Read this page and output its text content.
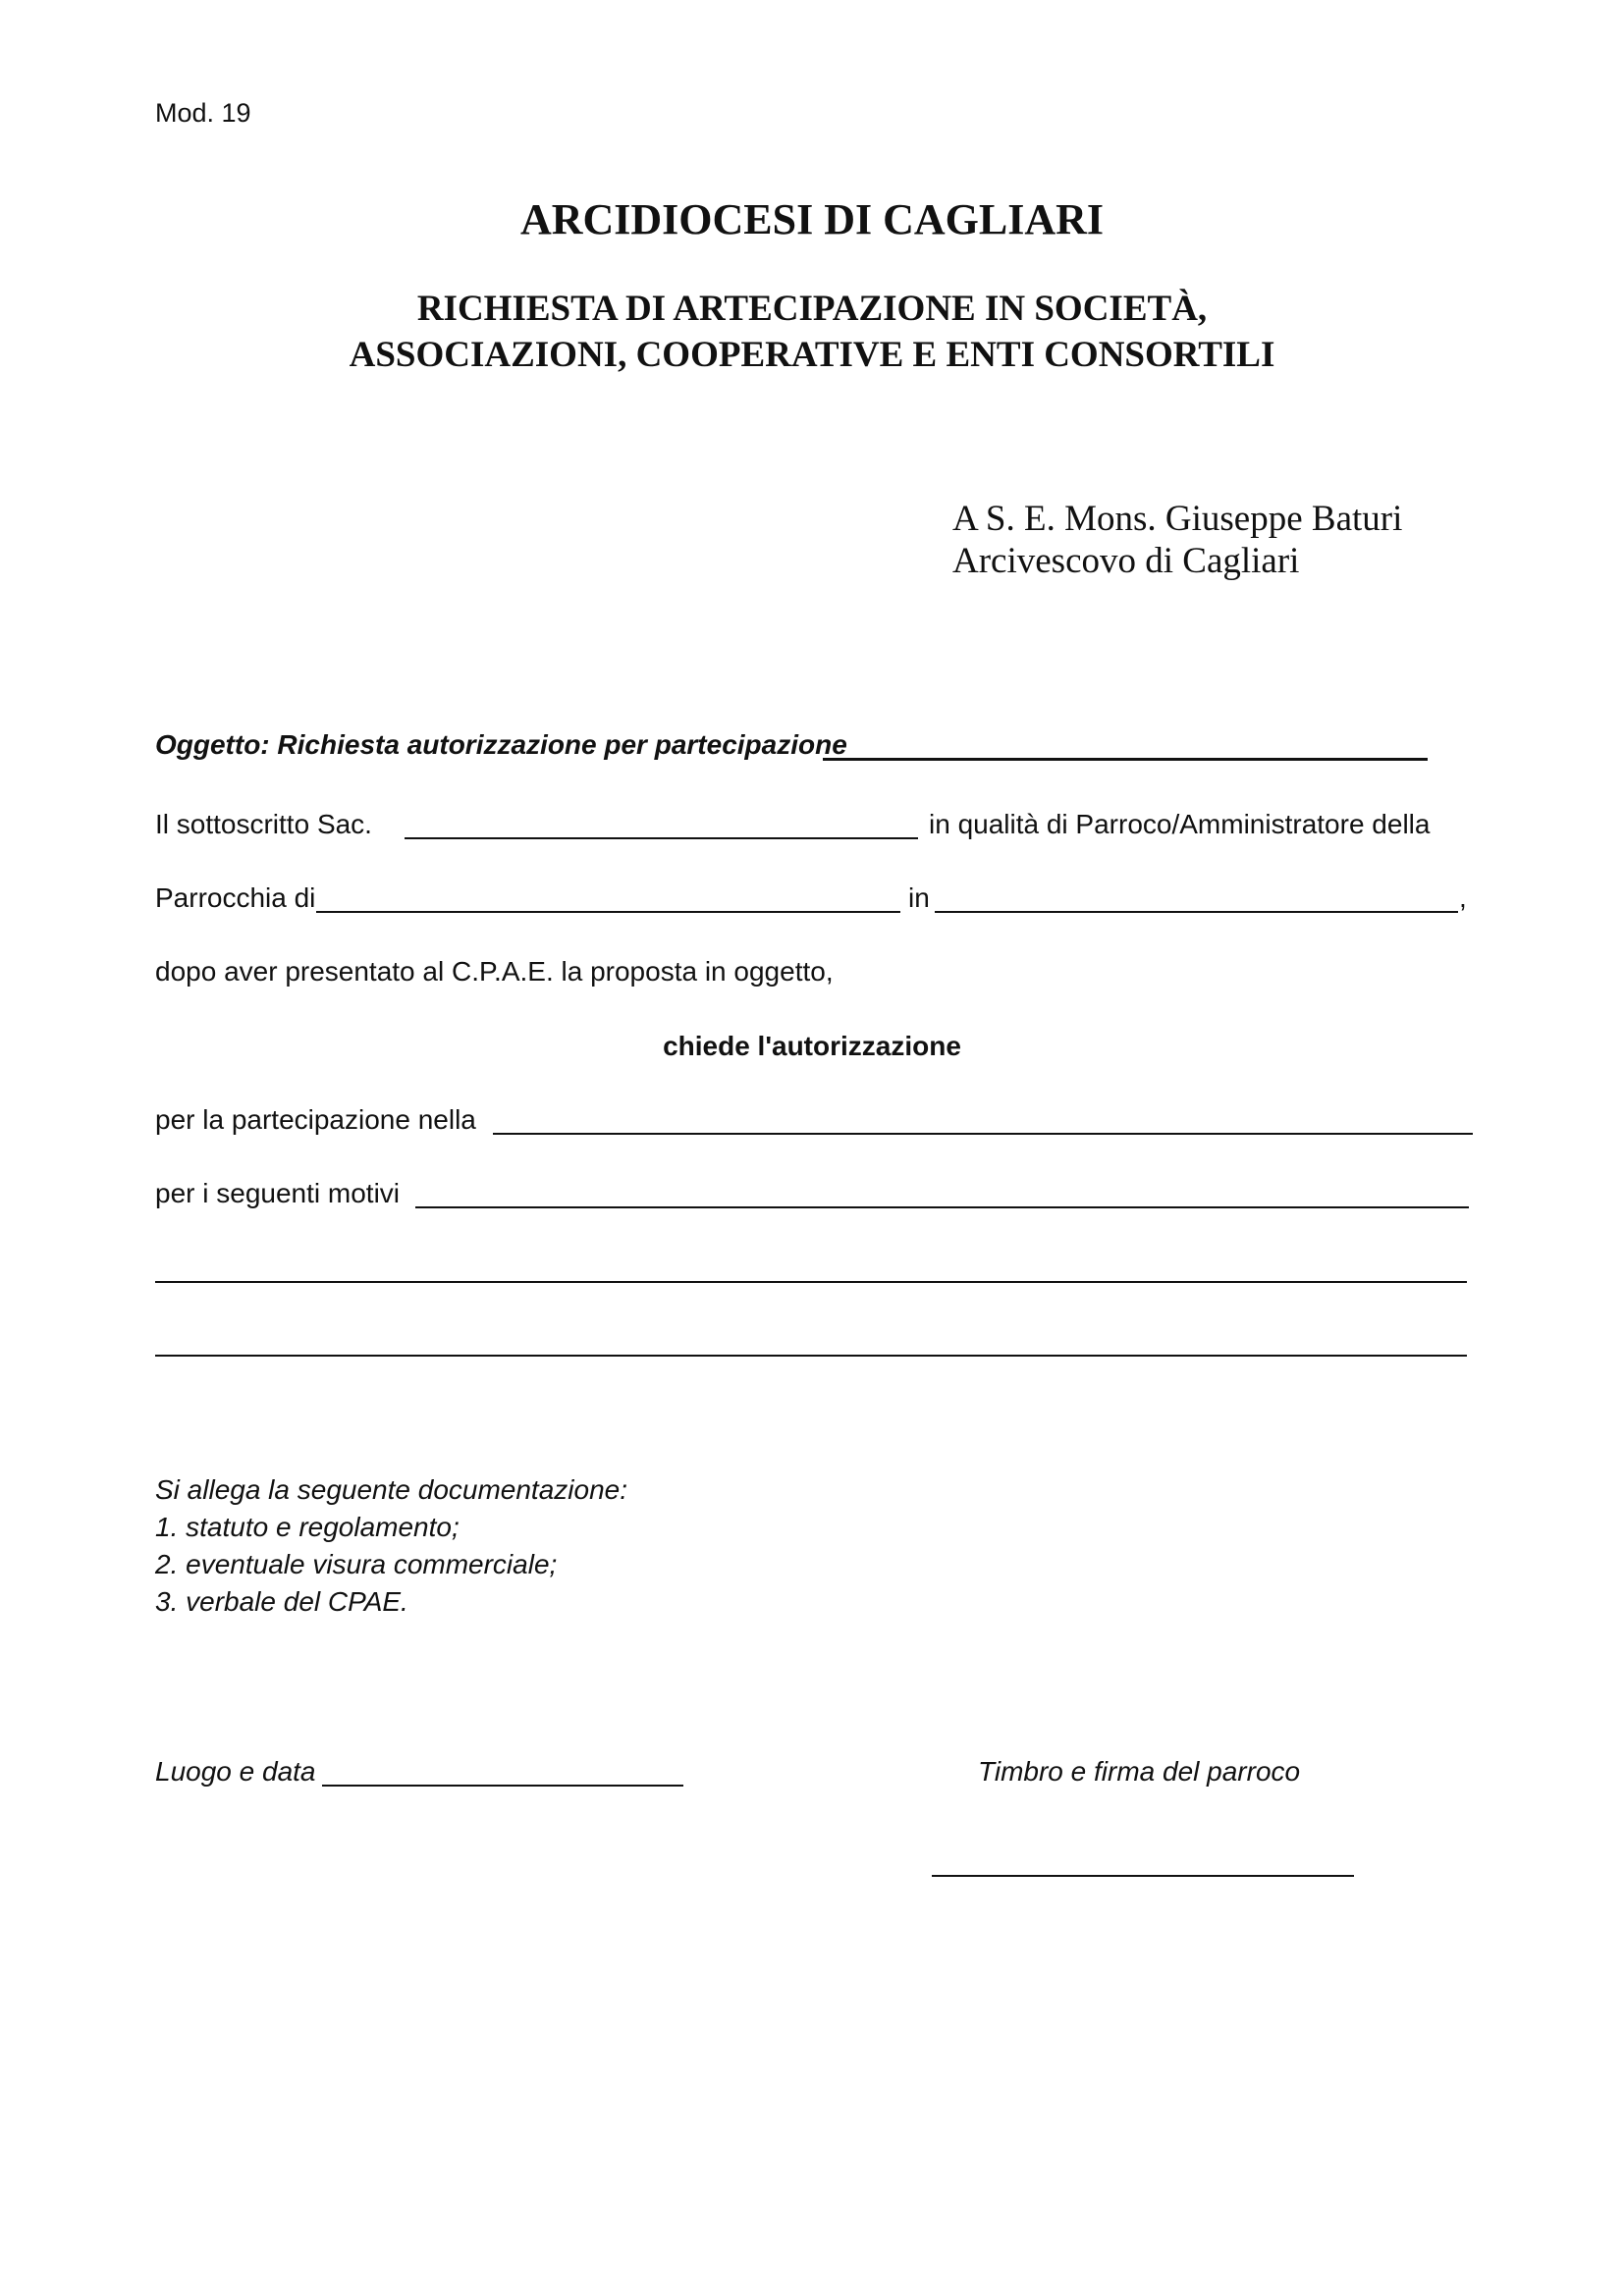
Mod. 19
ARCIDIOCESI DI CAGLIARI
RICHIESTA DI ARTECIPAZIONE IN SOCIETÀ,
ASSOCIAZIONI, COOPERATIVE E ENTI CONSORTILI
A S. E. Mons. Giuseppe Baturi
Arcivescovo di Cagliari
Oggetto: Richiesta autorizzazione per partecipazione
Il sottoscritto Sac.	in qualità di Parroco/Amministratore della
Parrocchia di	in	,
dopo aver presentato al C.P.A.E. la proposta in oggetto,
chiede l'autorizzazione
per la partecipazione nella
per i seguenti motivi
Si allega la seguente documentazione:
1. statuto e regolamento;
2. eventuale visura commerciale;
3. verbale del CPAE.
Luogo e data	Timbro e firma del parroco
